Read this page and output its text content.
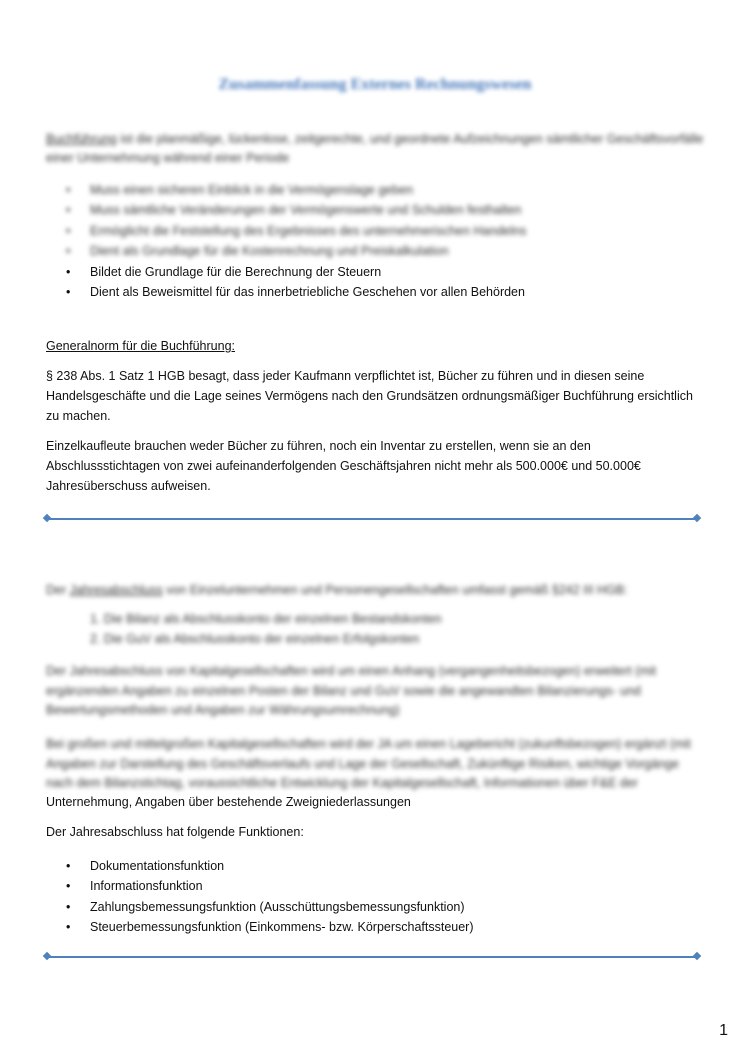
Zusammenfassung Externes Rechnungswesen

Buchführung ist die planmäßige, lückenlose, zeitgerechte, und geordnete Aufzeichnungen sämtlicher Geschäftsvorfälle einer Unternehmung während einer Periode

• Muss einen sicheren Einblick in die Vermögenslage geben
• Muss sämtliche Veränderungen der Vermögenswerte und Schulden festhalten
• Ermöglicht die Feststellung des Ergebnisses des unternehmerischen Handelns
• Dient als Grundlage für die Kostenrechnung und Preiskalkulation
• Bildet die Grundlage für die Berechnung der Steuern
• Dient als Beweismittel für das innerbetriebliche Geschehen vor allen Behörden

Generalnorm für die Buchführung:

§ 238 Abs. 1 Satz 1 HGB besagt, dass jeder Kaufmann verpflichtet ist, Bücher zu führen und in diesen seine Handelsgeschäfte und die Lage seines Vermögens nach den Grundsätzen ordnungsmäßiger Buchführung ersichtlich zu machen.

Einzelkaufleute brauchen weder Bücher zu führen, noch ein Inventar zu erstellen, wenn sie an den Abschlussstichtagen von zwei aufeinanderfolgenden Geschäftsjahren nicht mehr als 500.000€ und 50.000€ Jahresüberschuss aufweisen.

Der Jahresabschluss von Einzelunternehmen und Personengesellschaften umfasst gemäß §242 III HGB:

1. Die Bilanz als Abschlusskonto der einzelnen Bestandskonten
2. Die GuV als Abschlusskonto der einzelnen Erfolgskonten

Der Jahresabschluss von Kapitalgesellschaften wird um einen Anhang (vergangenheitsbezogen) erweitert (mit ergänzenden Angaben zu einzelnen Posten der Bilanz und GuV sowie die angewandten Bilanzierungs- und Bewertungsmethoden und Angaben zur Währungsumrechnung)

Bei großen und mittelgroßen Kapitalgesellschaften wird der JA um einen Lagebericht (zukunftsbezogen) ergänzt (mit Angaben zur Darstellung des Geschäftsverlaufs und Lage der Gesellschaft, Zukünftige Risiken, wichtige Vorgänge nach dem Bilanzstichtag, voraussichtliche Entwicklung der Kapitalgesellschaft, Informationen über F&E der

Unternehmung, Angaben über bestehende Zweigniederlassungen

Der Jahresabschluss hat folgende Funktionen:

• Dokumentationsfunktion
• Informationsfunktion
• Zahlungsbemessungsfunktion (Ausschüttungsbemessungsfunktion)
• Steuerbemessungsfunktion (Einkommens- bzw. Körperschaftssteuer)
1
